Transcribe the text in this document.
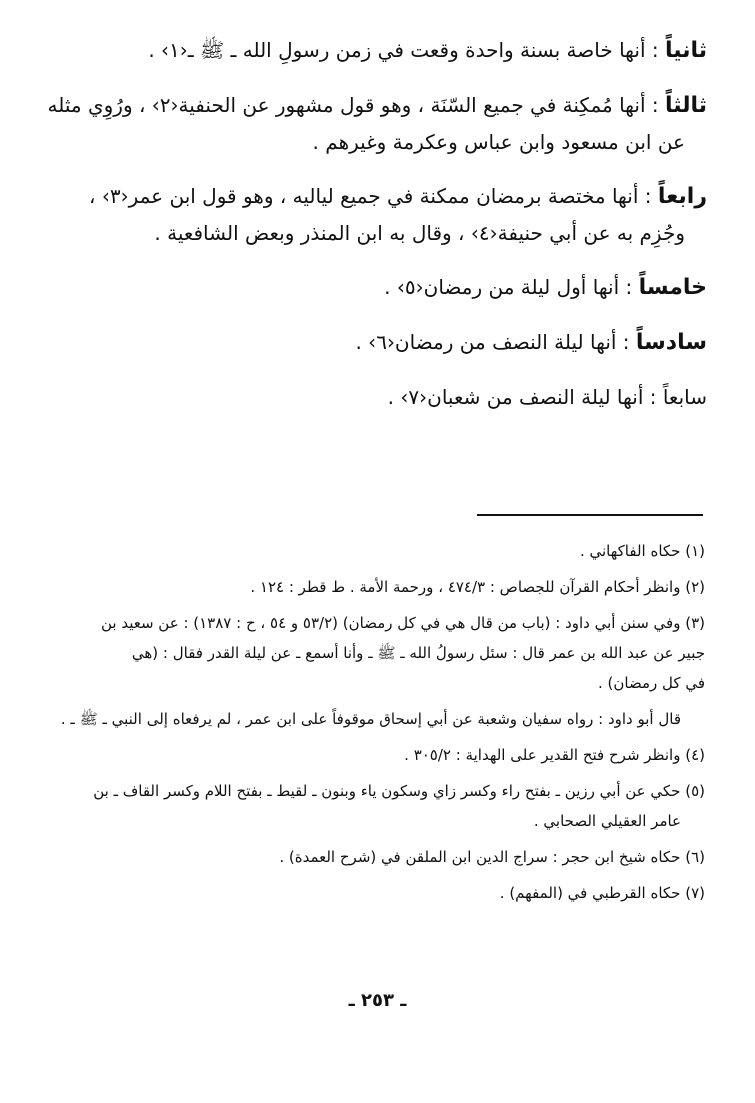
ثانياً : أنها خاصة بسنة واحدة وقعت في زمن رسولِ الله ـ ﷺ ـ‹١› .

ثالثاً : أنها مُمكِنة في جميع السّنَة ، وهو قول مشهور عن الحنفية‹٢› ، ورُوِي مثله
عن ابن مسعود وابن عباس وعكرمة وغيرهم .

رابعاً : أنها مختصة برمضان ممكنة في جميع لياليه ، وهو قول ابن عمر‹٣› ،
وجُزِم به عن أبي حنيفة‹٤› ، وقال به ابن المنذر وبعض الشافعية .

خامساً : أنها أول ليلة من رمضان‹٥› .

سادساً : أنها ليلة النصف من رمضان‹٦› .

سابعاً : أنها ليلة النصف من شعبان‹٧› .

(١) حكاه الفاكهاني .

(٢) وانظر أحكام القرآن للجصاص : ٤٧٤/٣ ، ورحمة الأمة . ط قطر : ١٢٤ .

(٣) وفي سنن أبي داود : (باب من قال هي في كل رمضان) (٥٣/٢ و ٥٤ ، ح : ١٣٨٧) : عن سعيد بن
جبير عن عبد الله بن عمر قال : سئل رسولُ الله ـ ﷺ ـ وأنا أسمع ـ عن ليلة القدر فقال : (هي
في كل رمضان) .

قال أبو داود : رواه سفيان وشعبة عن أبي إسحاق موقوفاً على ابن عمر ، لم يرفعاه إلى النبي ـ ﷺ ـ .

(٤) وانظر شرح فتح القدير على الهداية : ٣٠٥/٢ .

(٥) حكي عن أبي رزين ـ بفتح راء وكسر زاي وسكون ياء وبنون ـ لقيط ـ بفتح اللام وكسر القاف ـ بن
عامر العقيلي الصحابي .

(٦) حكاه شيخ ابن حجر : سراج الدين ابن الملقن في (شرح العمدة) .

(٧) حكاه القرطبي في (المفهم) .

ـ ٢٥٣ ـ
